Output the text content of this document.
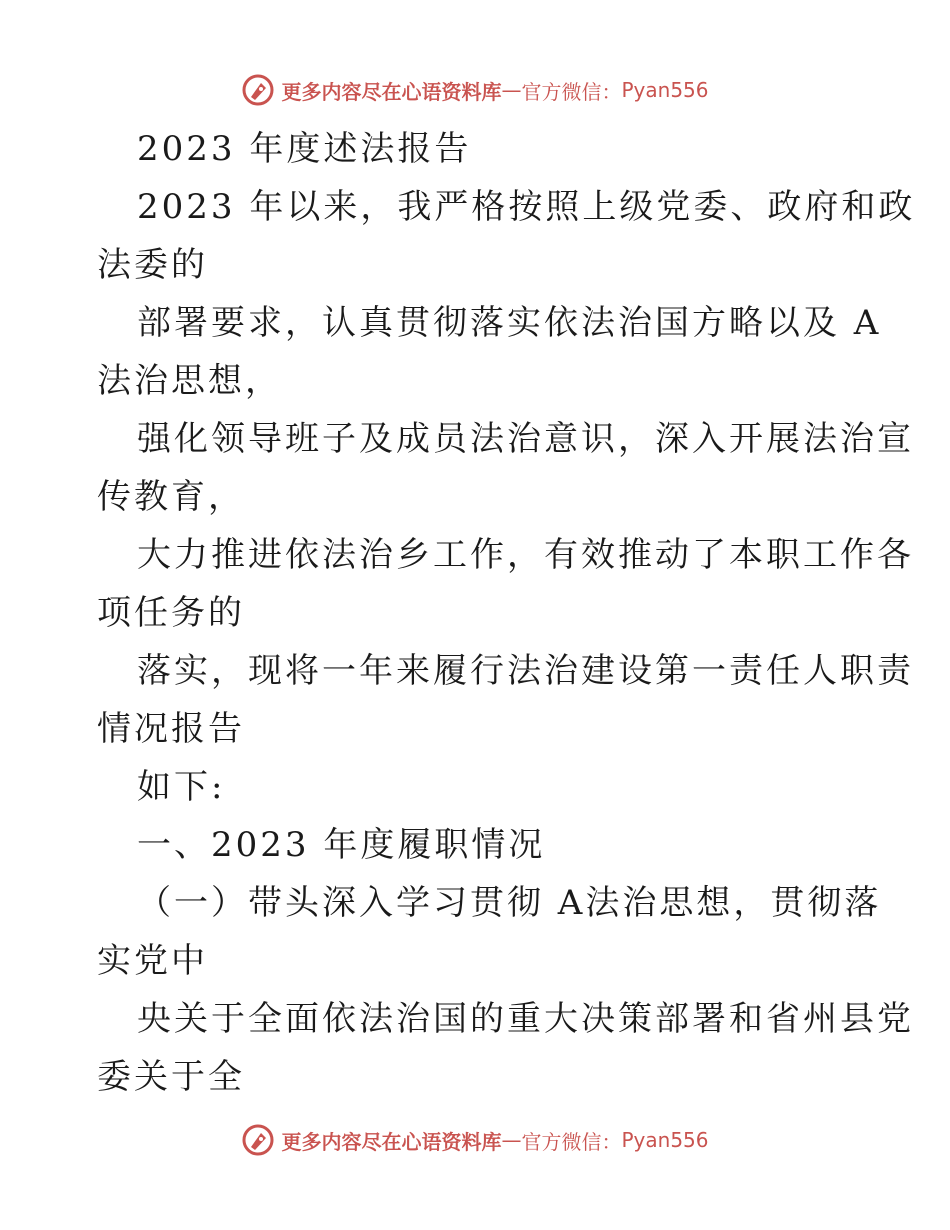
更多内容尽在心语资料库 — 官方微信： Pyan556
2023 年度述法报告
2023 年以来，我严格按照上级党委、政府和政
法委的
部署要求，认真贯彻落实依法治国方略以及 A
法治思想，
强化领导班子及成员法治意识，深入开展法治宣
传教育，
大力推进依法治乡工作，有效推动了本职工作各
项任务的
落实，现将一年来履行法治建设第一责任人职责
情况报告
如下:
一、2023 年度履职情况
（一）带头深入学习贯彻 A法治思想，贯彻落
实党中
央关于全面依法治国的重大决策部署和省州县党
委关于全
更多内容尽在心语资料库 — 官方微信： Pyan556
